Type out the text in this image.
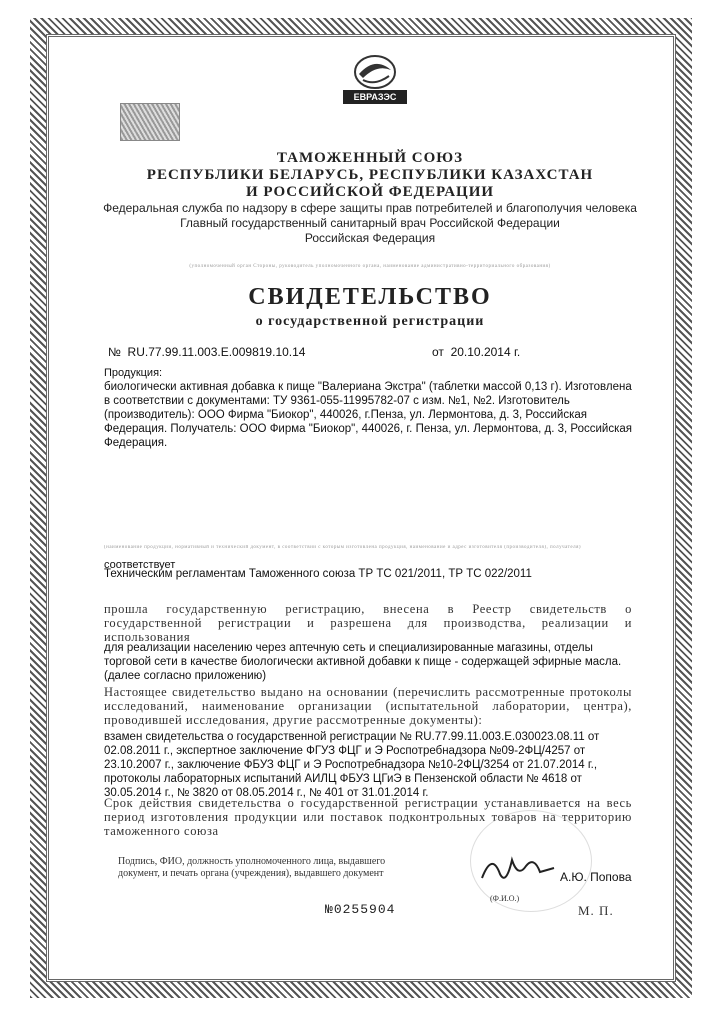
ЕВРАЗЭС
ТАМОЖЕННЫЙ СОЮЗ
РЕСПУБЛИКИ БЕЛАРУСЬ, РЕСПУБЛИКИ КАЗАХСТАН
И РОССИЙСКОЙ ФЕДЕРАЦИИ
Федеральная служба по надзору в сфере защиты прав потребителей и благополучия человека
Главный государственный санитарный врач Российской Федерации
Российская Федерация
(уполномоченный орган Стороны, руководитель уполномоченного органа, наименование административно-территориального образования)
СВИДЕТЕЛЬСТВО
о государственной регистрации
№ RU.77.99.11.003.E.009819.10.14	от 20.10.2014 г.
Продукция:
биологически активная добавка к пище "Валериана Экстра" (таблетки массой 0,13 г). Изготовлена в соответствии с документами: ТУ 9361-055-11995782-07 с изм. №1, №2. Изготовитель (производитель): ООО Фирма "Биокор", 440026, г.Пенза, ул. Лермонтова, д. 3, Российская Федерация. Получатель: ООО Фирма "Биокор", 440026, г. Пенза, ул. Лермонтова, д. 3, Российская Федерация.
(наименование продукции, нормативный и технический документ, в соответствии с которым изготовлена продукция, наименование и адрес изготовителя (производителя), получателя)
соответствует
Техническим регламентам Таможенного союза ТР ТС 021/2011, ТР ТС 022/2011
прошла государственную регистрацию, внесена в Реестр свидетельств о государственной регистрации и разрешена для производства, реализации и использования
для реализации населению через аптечную сеть и специализированные магазины, отделы торговой сети в качестве биологически активной добавки к пище - содержащей эфирные масла. (далее согласно приложению)
Настоящее свидетельство выдано на основании (перечислить рассмотренные протоколы исследований, наименование организации (испытательной лаборатории, центра), проводившей исследования, другие рассмотренные документы):
взамен свидетельства о государственной регистрации № RU.77.99.11.003.E.030023.08.11 от 02.08.2011 г., экспертное заключение ФГУЗ ФЦГ и Э Роспотребнадзора №09-2ФЦ/4257 от 23.10.2007 г., заключение ФБУЗ ФЦГ и Э Роспотребнадзора №10-2ФЦ/3254 от 21.07.2014 г., протоколы лабораторных испытаний АИЛЦ ФБУЗ ЦГиЭ в Пензенской области № 4618 от 30.05.2014 г., № 3820 от 08.05.2014 г., № 401 от 31.01.2014 г.
Срок действия свидетельства о государственной регистрации устанавливается на весь период изготовления продукции или поставок подконтрольных товаров на территорию таможенного союза
Подпись, ФИО, должность уполномоченного лица, выдавшего документ, и печать органа (учреждения), выдавшего документ	А.Ю. Попова
(Ф.И.О.)
М. П.
№0255904
